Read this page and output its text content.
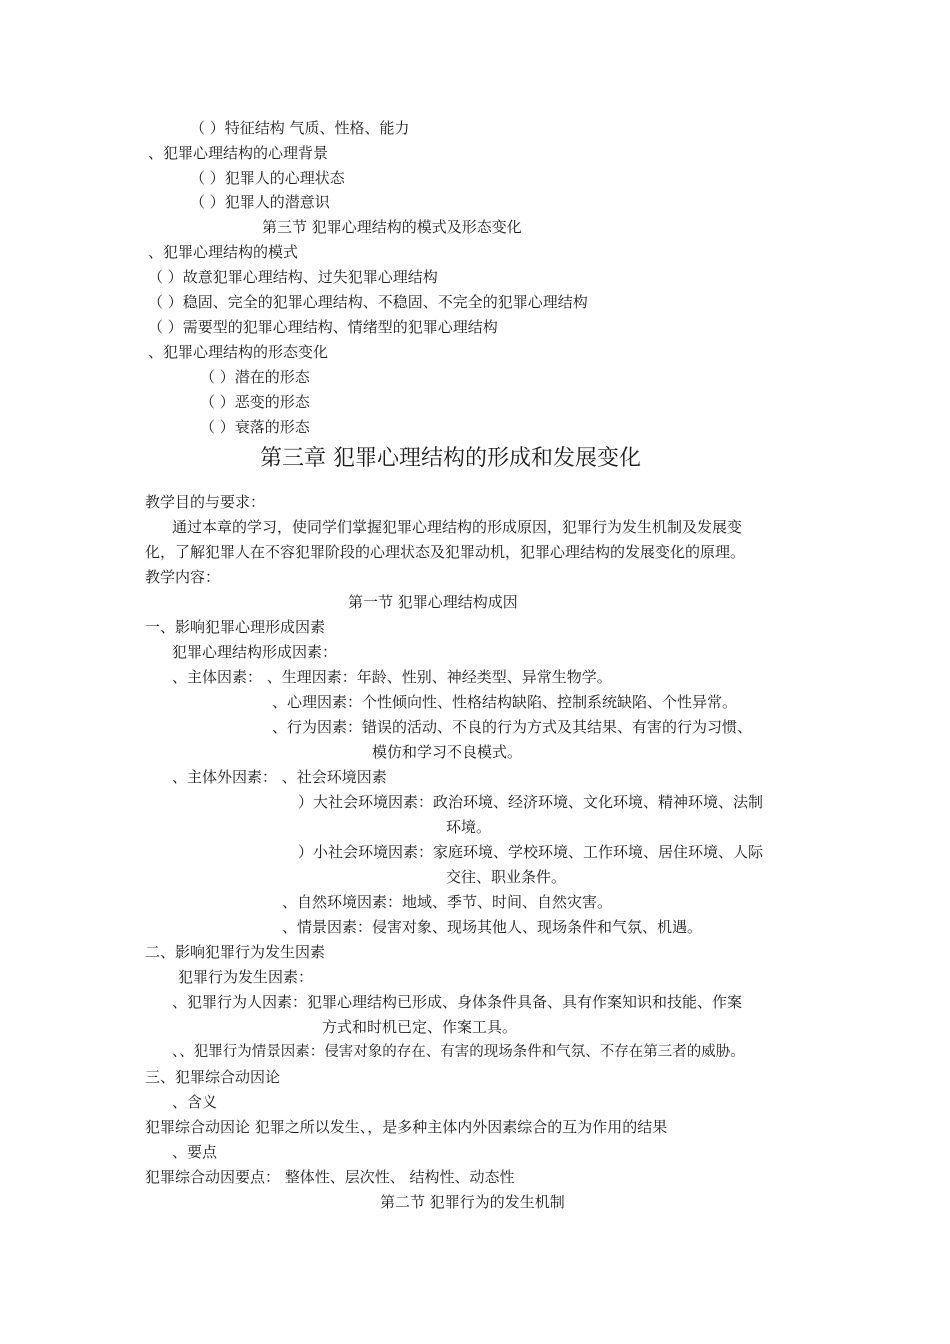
（ ）特征结构 气质、性格、能力
、犯罪心理结构的心理背景
（ ）犯罪人的心理状态
（ ）犯罪人的潜意识
第三节 犯罪心理结构的模式及形态变化
、犯罪心理结构的模式
（ ）故意犯罪心理结构、过失犯罪心理结构
（ ）稳固、完全的犯罪心理结构、不稳固、不完全的犯罪心理结构
（ ）需要型的犯罪心理结构、情绪型的犯罪心理结构
、犯罪心理结构的形态变化
（ ）潜在的形态
（ ）恶变的形态
（ ）衰落的形态
第三章 犯罪心理结构的形成和发展变化
教学目的与要求：
通过本章的学习，使同学们掌握犯罪心理结构的形成原因，犯罪行为发生机制及发展变
化，了解犯罪人在不容犯罪阶段的心理状态及犯罪动机，犯罪心理结构的发展变化的原理。
教学内容：
第一节 犯罪心理结构成因
一、影响犯罪心理形成因素
犯罪心理结构形成因素：
、主体因素： 、生理因素：年龄、性别、神经类型、异常生物学。
、心理因素：个性倾向性、性格结构缺陷、控制系统缺陷、个性异常。
、行为因素：错误的活动、不良的行为方式及其结果、有害的行为习惯、
模仿和学习不良模式。
、主体外因素： 、社会环境因素
）大社会环境因素：政治环境、经济环境、文化环境、精神环境、法制
环境。
）小社会环境因素：家庭环境、学校环境、工作环境、居住环境、人际
交往、职业条件。
、自然环境因素：地域、季节、时间、自然灾害。
、情景因素：侵害对象、现场其他人、现场条件和气氛、机遇。
二、影响犯罪行为发生因素
犯罪行为发生因素：
、犯罪行为人因素：犯罪心理结构已形成、身体条件具备、具有作案知识和技能、作案
方式和时机已定、作案工具。
、、犯罪行为情景因素：侵害对象的存在、有害的现场条件和气氛、不存在第三者的威胁。
三、犯罪综合动因论
、含义
犯罪综合动因论 犯罪之所以发生、，是多种主体内外因素综合的互为作用的结果
、要点
犯罪综合动因要点： 整体性、层次性、 结构性、动态性
第二节 犯罪行为的发生机制
